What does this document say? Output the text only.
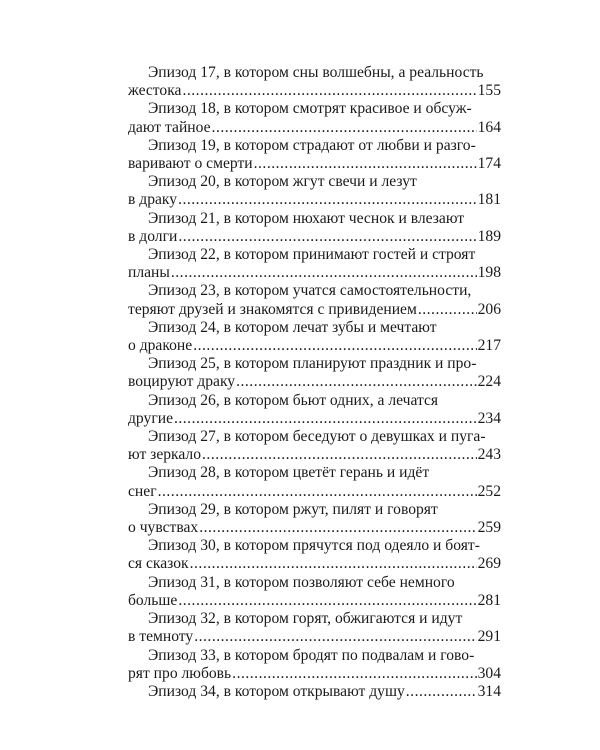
Эпизод 17, в котором сны волшебны, а реальность
жестока .....	155
Эпизод 18, в котором смотрят красивое и обсуж-
дают тайное .....	164
Эпизод 19, в котором страдают от любви и разго-
варивают о смерти .....	174
Эпизод 20, в котором жгут свечи и лезут
в драку .....	181
Эпизод 21, в котором нюхают чеснок и влезают
в долги .....	189
Эпизод 22, в котором принимают гостей и строят
планы .....	198
Эпизод 23, в котором учатся самостоятельности,
теряют друзей и знакомятся с привидением .....	206
Эпизод 24, в котором лечат зубы и мечтают
о драконе .....	217
Эпизод 25, в котором планируют праздник и про-
воцируют драку .....	224
Эпизод 26, в котором бьют одних, а лечатся
другие .....	234
Эпизод 27, в котором беседуют о девушках и пуга-
ют зеркало .....	243
Эпизод 28, в котором цветёт герань и идёт
снег .....	252
Эпизод 29, в котором ржут, пилят и говорят
о чувствах .....	259
Эпизод 30, в котором прячутся под одеяло и боят-
ся сказок .....	269
Эпизод 31, в котором позволяют себе немного
больше .....	281
Эпизод 32, в котором горят, обжигаются и идут
в темноту .....	291
Эпизод 33, в котором бродят по подвалам и гово-
рят про любовь .....	304
Эпизод 34, в котором открывают душу .....	314
